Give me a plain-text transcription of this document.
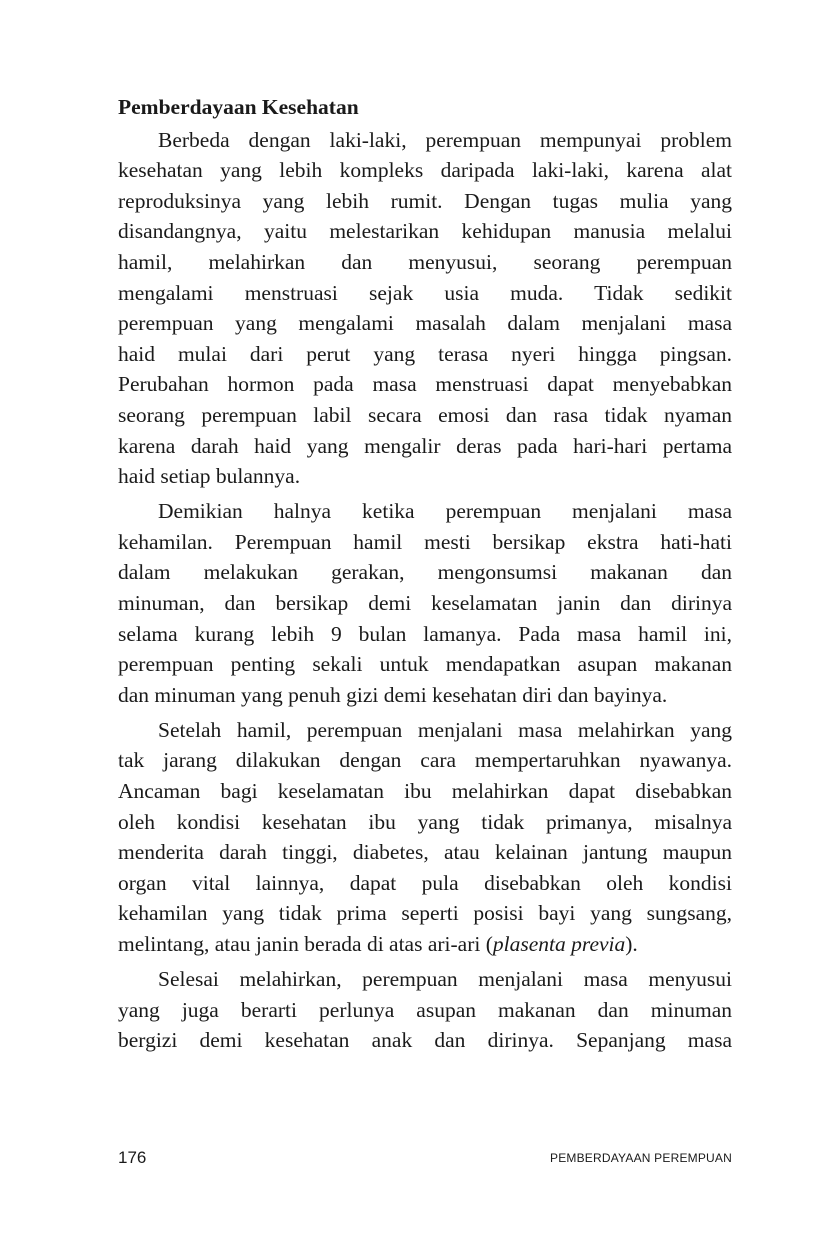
Pemberdayaan Kesehatan
Berbeda dengan laki-laki, perempuan mempunyai problem
kesehatan yang lebih kompleks daripada laki-laki, karena alat
reproduksinya yang lebih rumit. Dengan tugas mulia yang
disandangnya, yaitu melestarikan kehidupan manusia melalui
hamil, melahirkan dan menyusui, seorang perempuan
mengalami menstruasi sejak usia muda. Tidak sedikit
perempuan yang mengalami masalah dalam menjalani masa
haid mulai dari perut yang terasa nyeri hingga pingsan.
Perubahan hormon pada masa menstruasi dapat menyebabkan
seorang perempuan labil secara emosi dan rasa tidak nyaman
karena darah haid yang mengalir deras pada hari-hari pertama
haid setiap bulannya.
Demikian halnya ketika perempuan menjalani masa
kehamilan. Perempuan hamil mesti bersikap ekstra hati-hati
dalam melakukan gerakan, mengonsumsi makanan dan
minuman, dan bersikap demi keselamatan janin dan dirinya
selama kurang lebih 9 bulan lamanya. Pada masa hamil ini,
perempuan penting sekali untuk mendapatkan asupan makanan
dan minuman yang penuh gizi demi kesehatan diri dan bayinya.
Setelah hamil, perempuan menjalani masa melahirkan yang
tak jarang dilakukan dengan cara mempertaruhkan nyawanya.
Ancaman bagi keselamatan ibu melahirkan dapat disebabkan
oleh kondisi kesehatan ibu yang tidak primanya, misalnya
menderita darah tinggi, diabetes, atau kelainan jantung maupun
organ vital lainnya, dapat pula disebabkan oleh kondisi
kehamilan yang tidak prima seperti posisi bayi yang sungsang,
melintang, atau janin berada di atas ari-ari (plasenta previa).
Selesai melahirkan, perempuan menjalani masa menyusui
yang juga berarti perlunya asupan makanan dan minuman
bergizi demi kesehatan anak dan dirinya. Sepanjang masa
176	PEMBERDAYAAN PEREMPUAN
